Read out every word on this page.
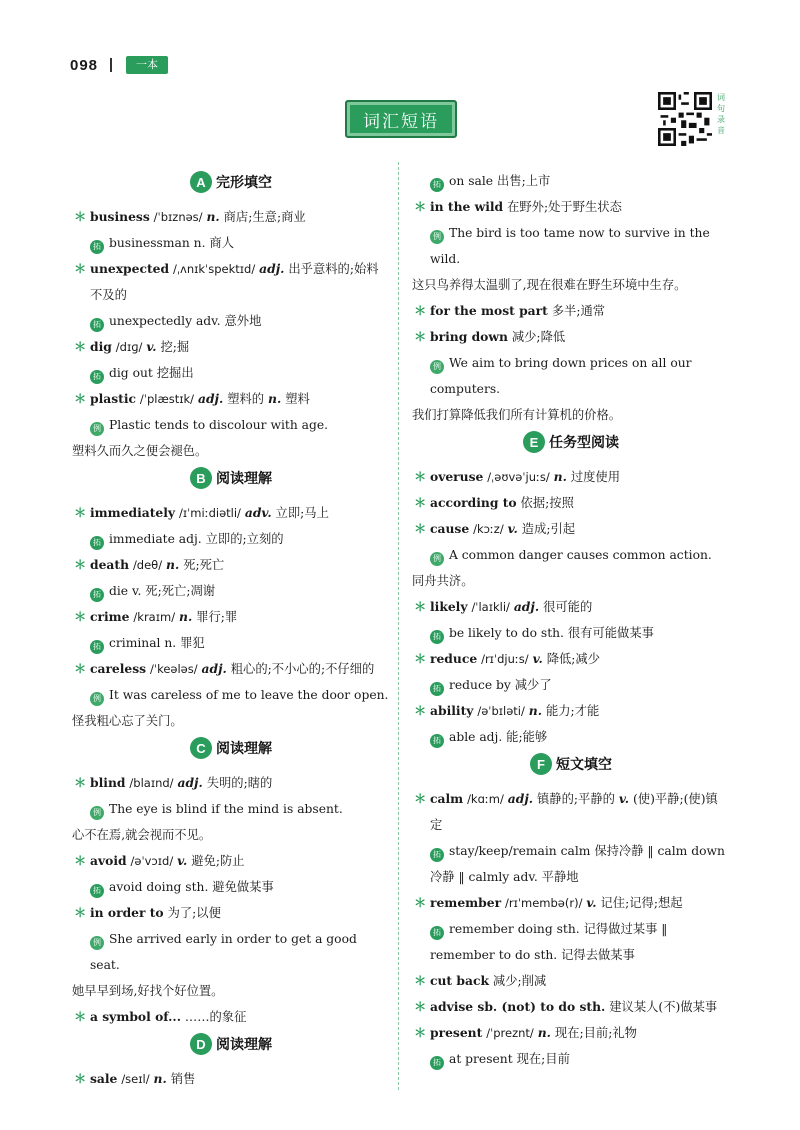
098	一本
词汇短语
词句录音
A 完形填空
＊ business /ˈbɪznəs/ n. 商店;生意;商业
拓 businessman n. 商人
＊ unexpected /ˌʌnɪkˈspektɪd/ adj. 出乎意料的;始料不及的
拓 unexpectedly adv. 意外地
＊ dig /dɪɡ/ v. 挖;掘
拓 dig out 挖掘出
＊ plastic /ˈplæstɪk/ adj. 塑料的 n. 塑料
例 Plastic tends to discolour with age.
塑料久而久之便会褪色。
B 阅读理解
＊ immediately /ɪˈmiːdiətli/ adv. 立即;马上
拓 immediate adj. 立即的;立刻的
＊ death /deθ/ n. 死;死亡
拓 die v. 死;死亡;凋谢
＊ crime /kraɪm/ n. 罪行;罪
拓 criminal n. 罪犯
＊ careless /ˈkeələs/ adj. 粗心的;不小心的;不仔细的
例 It was careless of me to leave the door open.
怪我粗心忘了关门。
C 阅读理解
＊ blind /blaɪnd/ adj. 失明的;瞎的
例 The eye is blind if the mind is absent.
心不在焉,就会视而不见。
＊ avoid /əˈvɔɪd/ v. 避免;防止
拓 avoid doing sth. 避免做某事
＊ in order to 为了;以便
例 She arrived early in order to get a good seat.
她早早到场,好找个好位置。
＊ a symbol of... ……的象征
D 阅读理解
＊ sale /seɪl/ n. 销售
拓 on sale 出售;上市
＊ in the wild 在野外;处于野生状态
例 The bird is too tame now to survive in the wild.
这只鸟养得太温驯了,现在很难在野生环境中生存。
＊ for the most part 多半;通常
＊ bring down 减少;降低
例 We aim to bring down prices on all our computers.
我们打算降低我们所有计算机的价格。
E 任务型阅读
＊ overuse /ˌəʊvəˈjuːs/ n. 过度使用
＊ according to 依据;按照
＊ cause /kɔːz/ v. 造成;引起
例 A common danger causes common action.
同舟共济。
＊ likely /ˈlaɪkli/ adj. 很可能的
拓 be likely to do sth. 很有可能做某事
＊ reduce /rɪˈdjuːs/ v. 降低;减少
拓 reduce by 减少了
＊ ability /əˈbɪləti/ n. 能力;才能
拓 able adj. 能;能够
F 短文填空
＊ calm /kɑːm/ adj. 镇静的;平静的 v. (使)平静;(使)镇定
拓 stay/keep/remain calm 保持冷静 ‖ calm down 冷静 ‖ calmly adv. 平静地
＊ remember /rɪˈmembə(r)/ v. 记住;记得;想起
拓 remember doing sth. 记得做过某事 ‖ remember to do sth. 记得去做某事
＊ cut back 减少;削减
＊ advise sb. (not) to do sth. 建议某人(不)做某事
＊ present /ˈpreznt/ n. 现在;目前;礼物
拓 at present 现在;目前
